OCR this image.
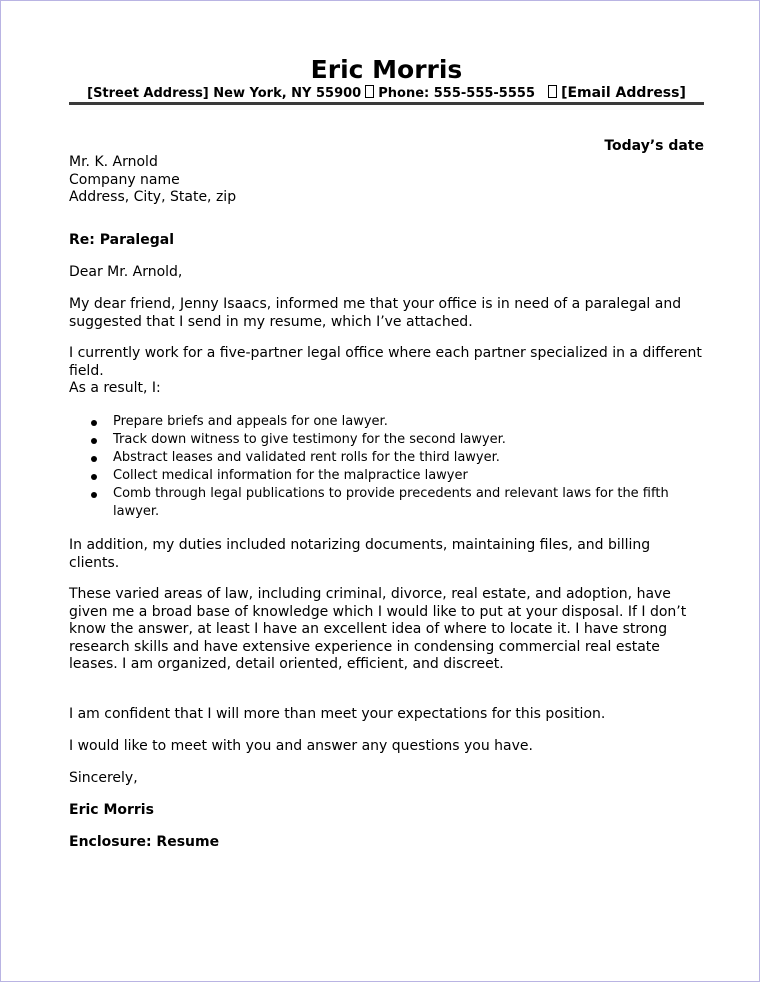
Eric Morris
[Street Address] New York, NY 55900 Phone: 555-555-5555 [Email Address]
Today’s date
Mr. K. Arnold
Company name
Address, City, State, zip
Re: Paralegal
Dear Mr. Arnold,
My dear friend, Jenny Isaacs, informed me that your office is in need of a paralegal and suggested that I send in my resume, which I’ve attached.
I currently work for a five-partner legal office where each partner specialized in a different field.
As a result, I:
Prepare briefs and appeals for one lawyer.
Track down witness to give testimony for the second lawyer.
Abstract leases and validated rent rolls for the third lawyer.
Collect medical information for the malpractice lawyer
Comb through legal publications to provide precedents and relevant laws for the fifth lawyer.
In addition, my duties included notarizing documents, maintaining files, and billing clients.
These varied areas of law, including criminal, divorce, real estate, and adoption, have given me a broad base of knowledge which I would like to put at your disposal. If I don’t know the answer, at least I have an excellent idea of where to locate it. I have strong research skills and have extensive experience in condensing commercial real estate leases. I am organized, detail oriented, efficient, and discreet.
I am confident that I will more than meet your expectations for this position.
I would like to meet with you and answer any questions you have.
Sincerely,
Eric Morris
Enclosure: Resume
